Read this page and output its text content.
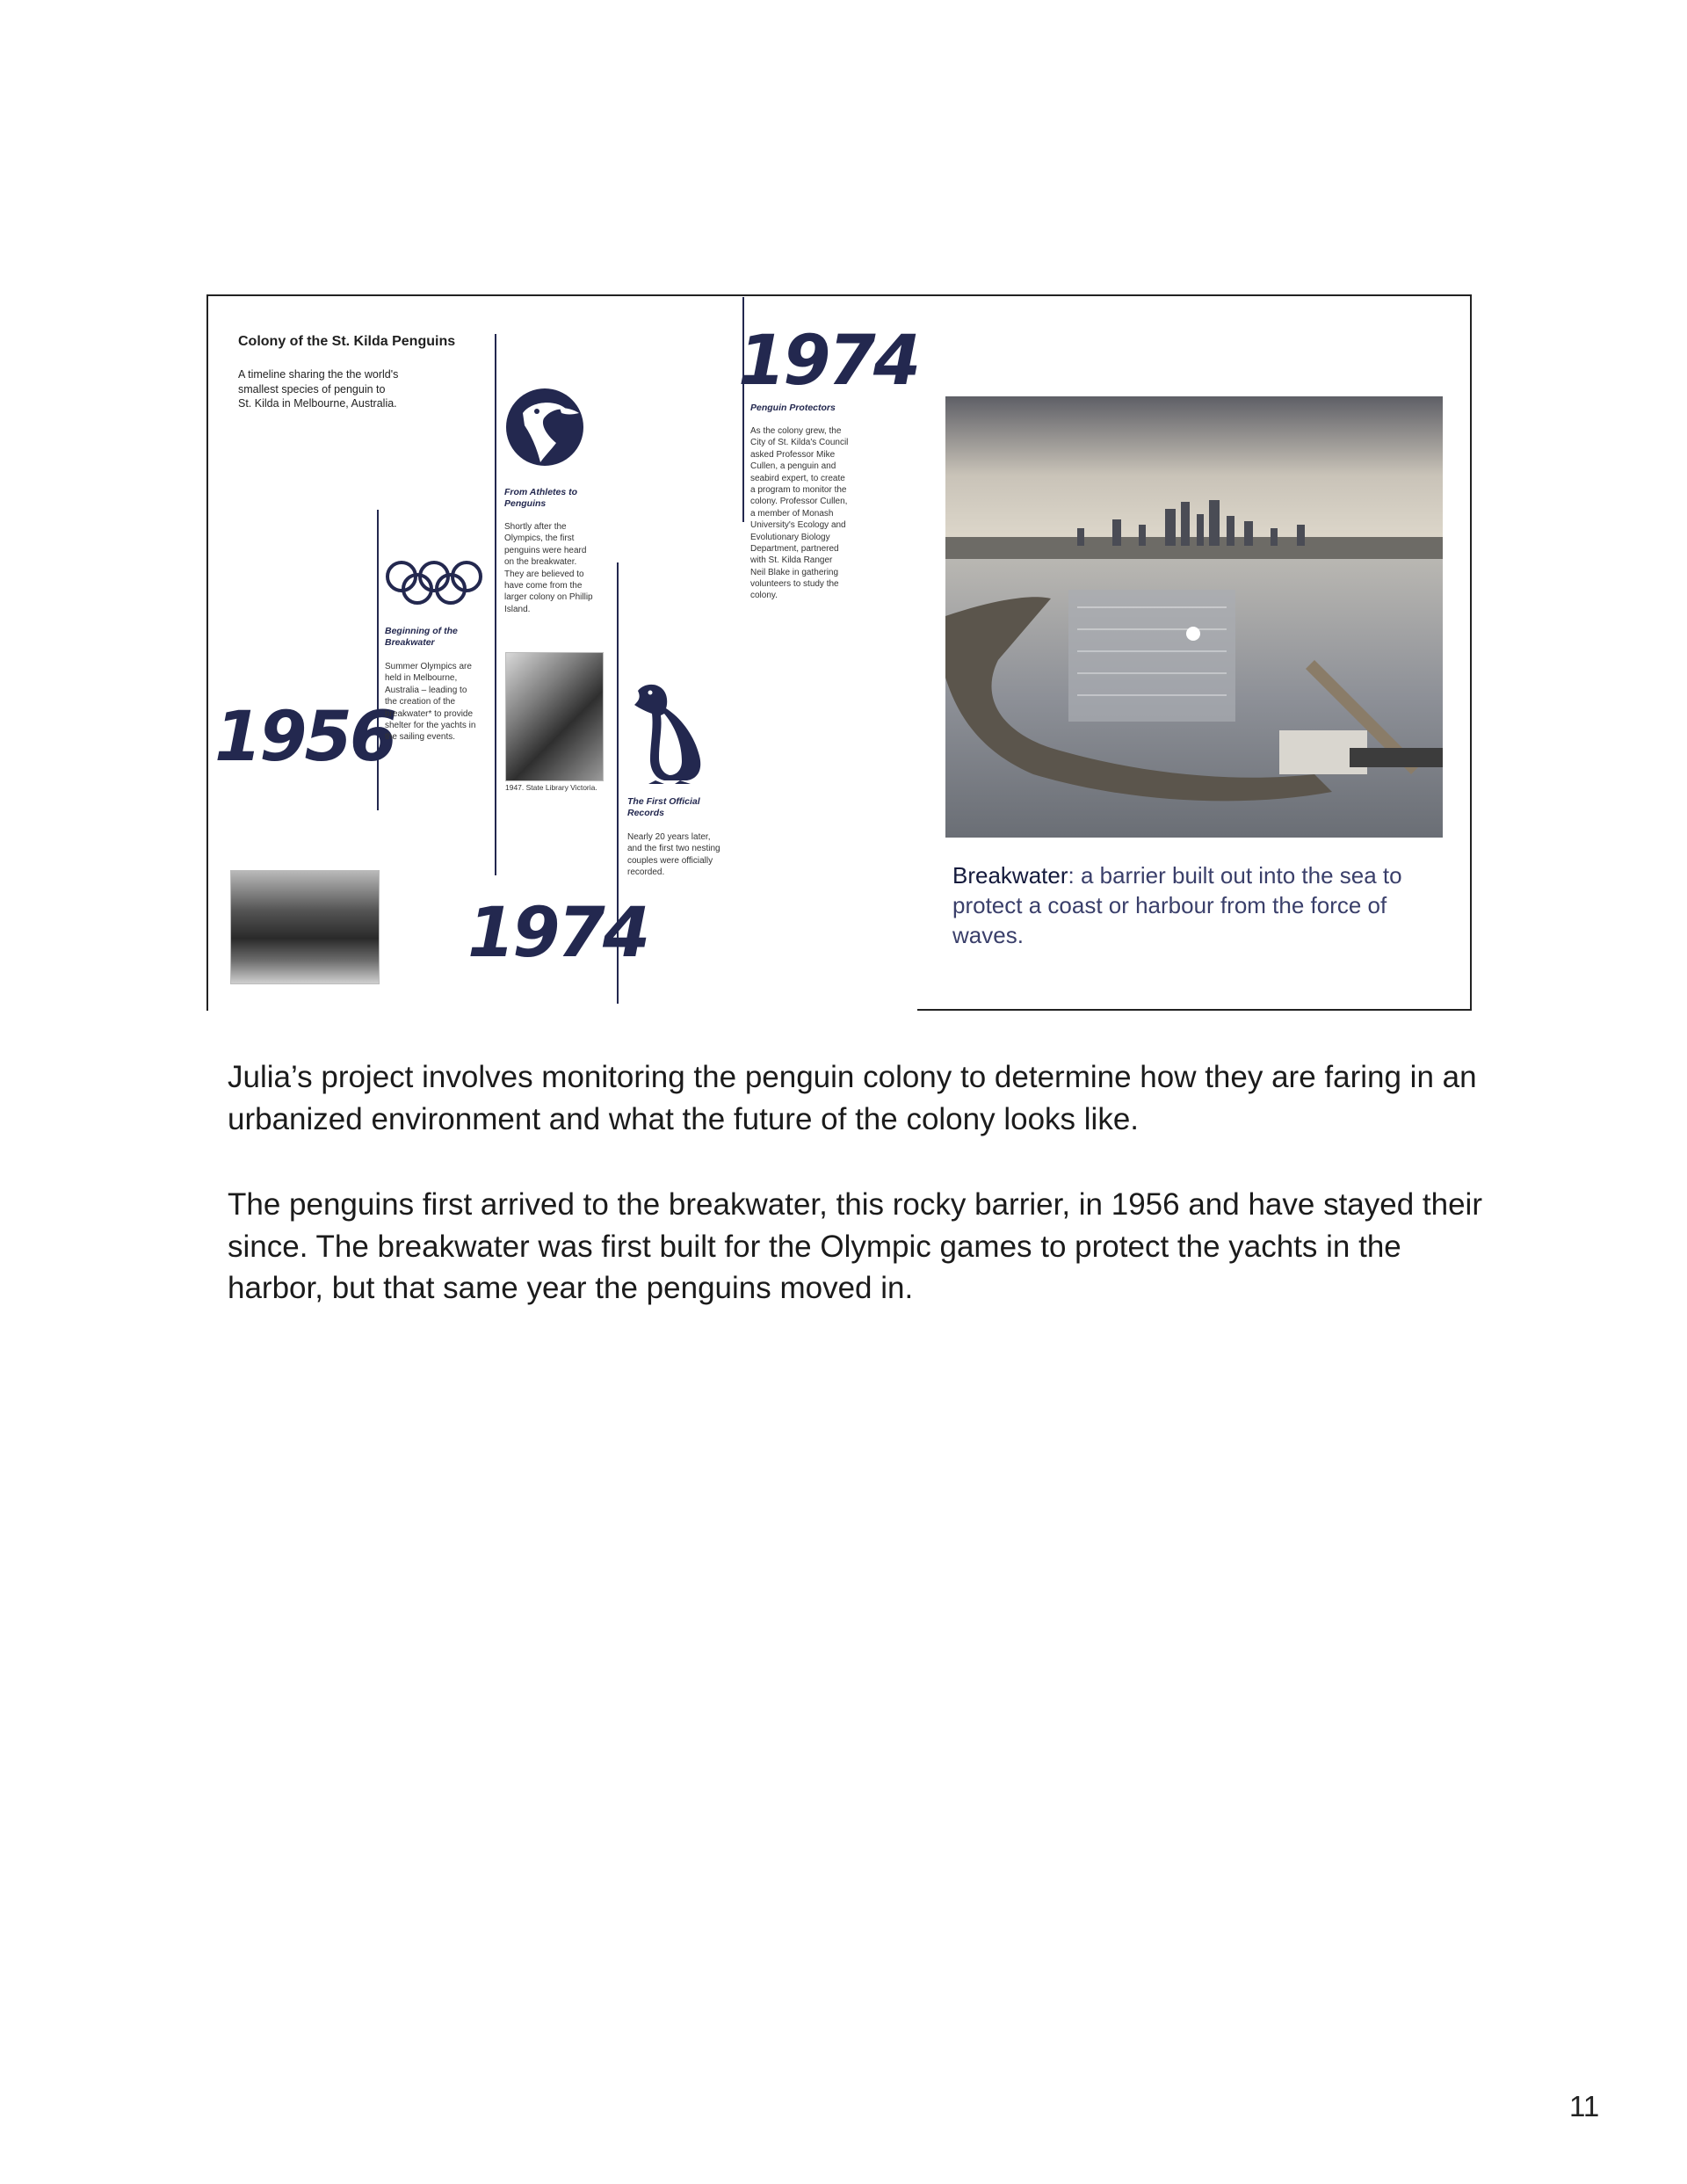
Colony of the St. Kilda Penguins
A timeline sharing the the world's smallest species of penguin to St. Kilda in Melbourne, Australia.
1956
1974
1974
Beginning of the Breakwater
Summer Olympics are held in Melbourne, Australia – leading to the creation of the breakwater* to provide shelter for the yachts in the sailing events.
From Athletes to Penguins
Shortly after the Olympics, the first penguins were heard on the breakwater. They are believed to have come from the larger colony on Phillip Island.
1947. State Library Victoria.
The First Official Records
Nearly 20 years later, and the first two nesting couples were officially recorded.
Penguin Protectors
As the colony grew, the City of St. Kilda's Council asked Professor Mike Cullen, a penguin and seabird expert, to create a program to monitor the colony. Professor Cullen, a member of Monash University's Ecology and Evolutionary Biology Department, partnered with St. Kilda Ranger Neil Blake in gathering volunteers to study the colony.
Breakwater: a barrier built out into the sea to protect a coast or harbour from the force of waves.
Julia’s project involves monitoring the penguin colony to determine how they are faring in an urbanized environment and what the future of the colony looks like.
The penguins first arrived to the breakwater, this rocky barrier, in 1956 and have stayed their since. The breakwater was first built for the Olympic games to protect the yachts in the harbor, but that same year the penguins moved in.
11
